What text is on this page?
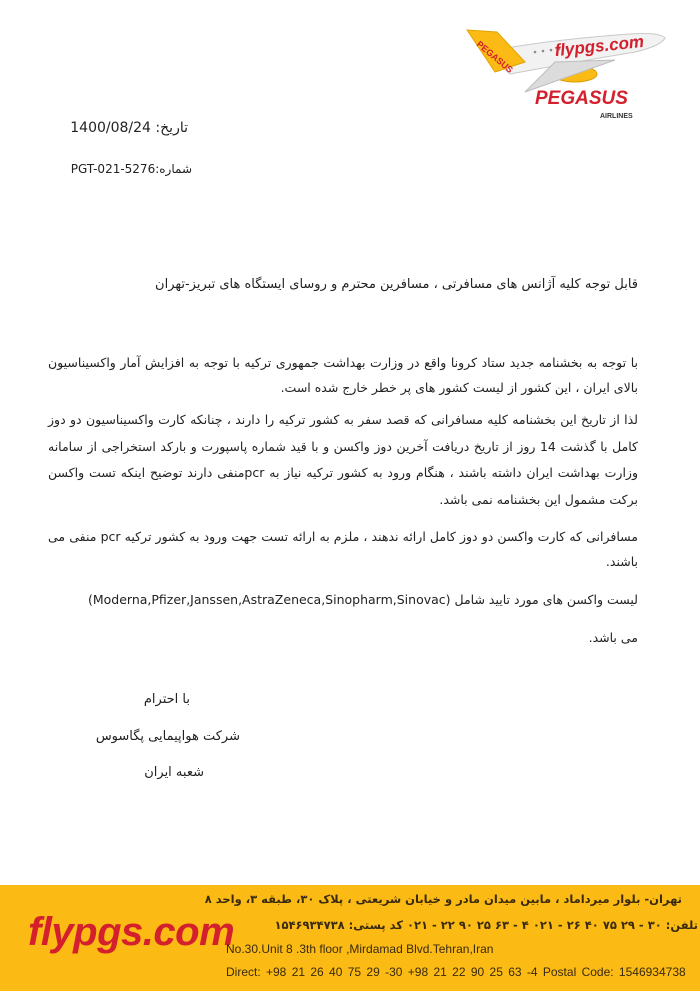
PEGASUS flypgs.com
PEGASUS
AIRLINES
تاریخ: 1400/08/24
شماره:PGT-021-5276
قابل توجه کلیه آژانس های مسافرتی ، مسافرین محترم و روسای ایستگاه های تبریز-تهران
با توجه به بخشنامه جدید ستاد کرونا واقع در وزارت بهداشت جمهوری ترکیه با توجه به افزایش آمار واکسیناسیون بالای ایران ، این کشور از لیست کشور های پر خطر خارج شده است.
لذا از تاریخ این بخشنامه کلیه مسافرانی که قصد سفر به کشور ترکیه را دارند ، چنانکه کارت واکسیناسیون دو دوز کامل با گذشت 14 روز از تاریخ دریافت آخرین دوز واکسن و با قید شماره پاسپورت و بارکد استخراجی از سامانه وزارت بهداشت ایران داشته باشند ، هنگام ورود به کشور ترکیه نیاز به pcrمنفی دارند توضیح اینکه تست واکسن برکت مشمول این بخشنامه نمی باشد.
مسافرانی که کارت واکسن دو دوز کامل ارائه ندهند ، ملزم به ارائه تست جهت ورود به کشور ترکیه pcr منفی می باشند.
لیست واکسن های مورد تایید شامل (Moderna,Pfizer,Janssen,AstraZeneca,Sinopharm,Sinovac)
می باشد.
با احترام
شرکت هواپیمایی پگاسوس
شعبه ایران
flypgs.com
تهران- بلوار میرداماد ، مابین میدان مادر و خیابان شریعتی ، پلاک ۳۰، طبقه ۳، واحد ۸
تلفن: ۳۰ - ۲۹ ۷۵ ۴۰ ۲۶ - ۰۲۱ ۴ - ۶۳ ۲۵ ۹۰ ۲۲ - ۰۲۱ کد پستی: ۱۵۴۶۹۳۴۷۳۸
No.30.Unit 8 .3th floor ,Mirdamad Blvd.Tehran,Iran
Direct: +98 21 26 40 75 29 -30 +98 21 22 90 25 63 -4 Postal Code: 1546934738
